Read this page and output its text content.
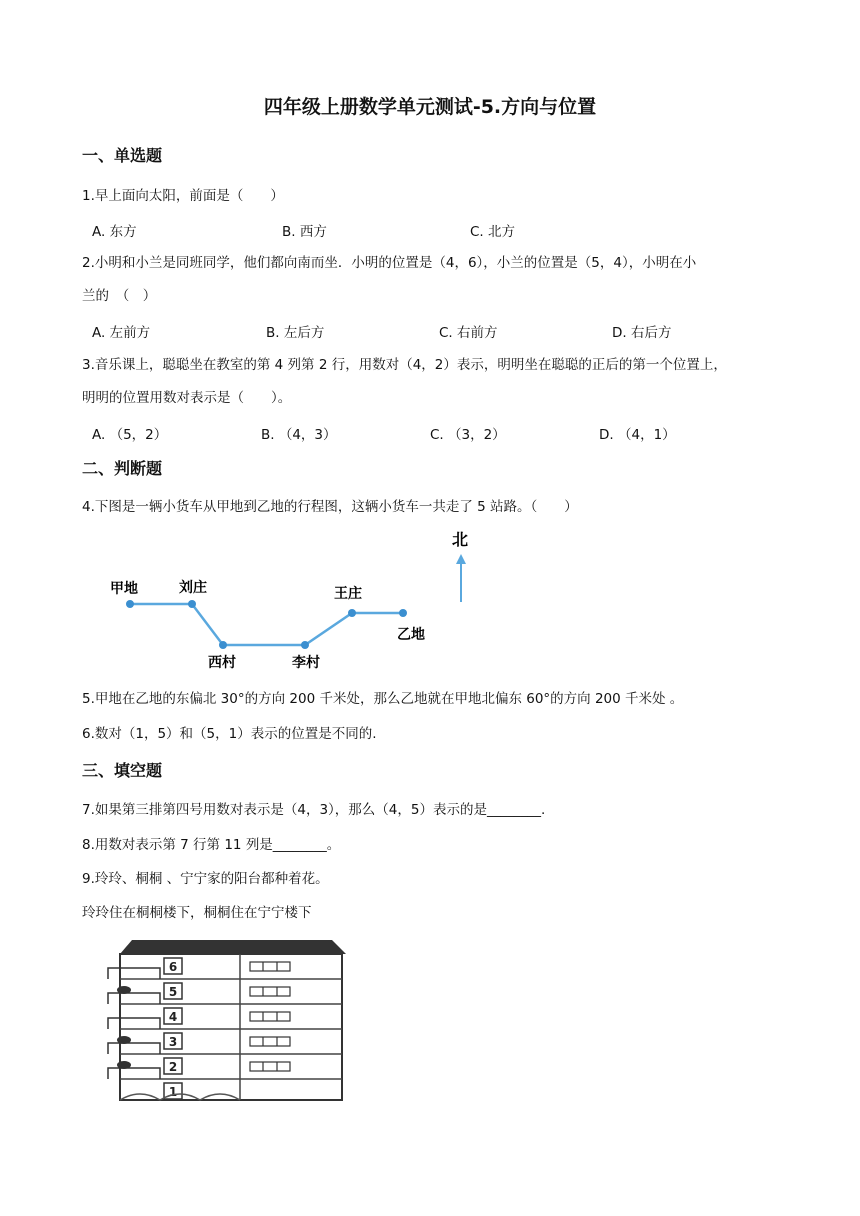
四年级上册数学单元测试-5.方向与位置
一、单选题
1.早上面向太阳，前面是（　　）
A. 东方	B. 西方	C. 北方
2.小明和小兰是同班同学，他们都向南而坐．小明的位置是（4，6），小兰的位置是（5，4），小明在小
兰的　（　）
A. 左前方	B. 左后方	C. 右前方	D. 右后方
3.音乐课上，聪聪坐在教室的第 4 列第 2 行，用数对（4，2）表示，明明坐在聪聪的正后的第一个位置上，
明明的位置用数对表示是（　　）。
A. （5，2）	B. （4，3）	C. （3，2）	D. （4，1）
二、判断题
4.下图是一辆小货车从甲地到乙地的行程图，这辆小货车一共走了 5 站路。（　　）
甲地	刘庄
西村	李村
王庄
乙地
北
5.甲地在乙地的东偏北 30°的方向 200 千米处，那么乙地就在甲地北偏东 60°的方向 200 千米处 。
6.数对（1，5）和（5，1）表示的位置是不同的.
三、填空题
7.如果第三排第四号用数对表示是（4，3），那么（4，5）表示的是________.
8.用数对表示第 7 行第 11 列是________。
9.玲玲、桐桐 、宁宁家的阳台都种着花。
玲玲住在桐桐楼下，桐桐住在宁宁楼下
6
5
4
3
2
1
